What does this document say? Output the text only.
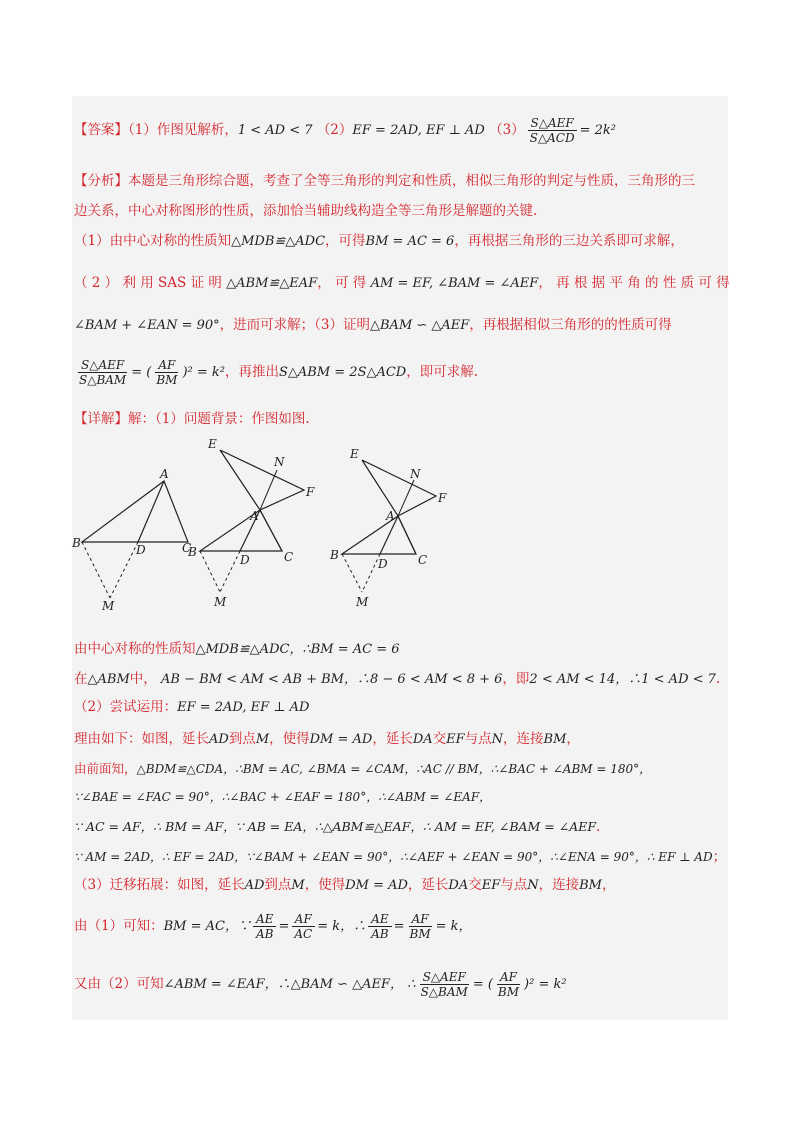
【答案】（1）作图见解析，1 < AD < 7 （2）EF = 2AD, EF ⊥ AD $(3) \frac{\text{S△AEF}}{\text{S△ACD}} = 2k^2$
【分析】本题是三角形综合题，考查了全等三角形的判定和性质，相似三角形的判定与性质，三角形的三
边关系，中心对称图形的性质，添加恰当辅助线构造全等三角形是解题的关键.
（1）由中心对称的性质知△MDB≌△ADC，可得BM = AC = 6，再根据三角形的三边关系即可求解，
（ 2 ） 利 用 SAS 证 明 △ABM≌△EAF， 可 得 AM = EF, ∠BAM = ∠AEF， 再 根 据 平 角 的 性 质 可 得
∠BAM + ∠EAN = 90°，进而可求解；（3）证明△BAM ∽ △AEF，再根据相似三角形的的性质可得
$\frac{\text{S△AEF}}{\text{S△BAM}}$ = ( $\frac{AF}{BM} )^2 = k^2$，再推出S△ABM = 2S△ACD，即可求解.
【详解】解：（1）问题背景：作图如图.
A
B	C
D
M
E
N
F
A
B	C
D
M
E
N
F
A
B	C
D
M
由中心对称的性质知△MDB≌△ADC，∴BM = AC = 6
在△ABM中， AB − BM < AM < AB + BM，∴8 − 6 < AM < 8 + 6，即2 < AM < 14，∴1 < AD < 7.
（2）尝试运用：EF = 2AD, EF ⊥ AD
理由如下：如图，延长AD到点M，使得DM = AD，延长DA交EF与点N，连接BM，
由前面知，△BDM≌△CDA，∴BM = AC, ∠BMA = ∠CAM，∴AC // BM，∴∠BAC + ∠ABM = 180°，
∵∠BAE = ∠FAC = 90°，∴∠BAC + ∠EAF = 180°，∴∠ABM = ∠EAF，
∵ AC = AF，∴ BM = AF，∵ AB = EA，∴△ABM≌△EAF，∴ AM = EF, ∠BAM = ∠AEF.
∵ AM = 2AD，∴ EF = 2AD，∵∠BAM + ∠EAN = 90°，∴∠AEF + ∠EAN = 90°，∴∠ENA = 90°，∴ EF ⊥ AD；
（3）迁移拓展：如图，延长AD到点M，使得DM = AD，延长DA交EF与点N，连接BM，
由（1）可知：BM = AC，∵ $\frac{AE}{AB} = \frac{AF}{AC} = k$，∴ $\frac{AE}{AB} = \frac{AF}{BM} = k$，
又由（2）可知∠ABM = ∠EAF，∴△BAM ∽ △AEF， ∴ $\frac{\text{S△AEF}}{\text{S△BAM}}$ = ( $\frac{AF}{BM} )^2 = k^2$
